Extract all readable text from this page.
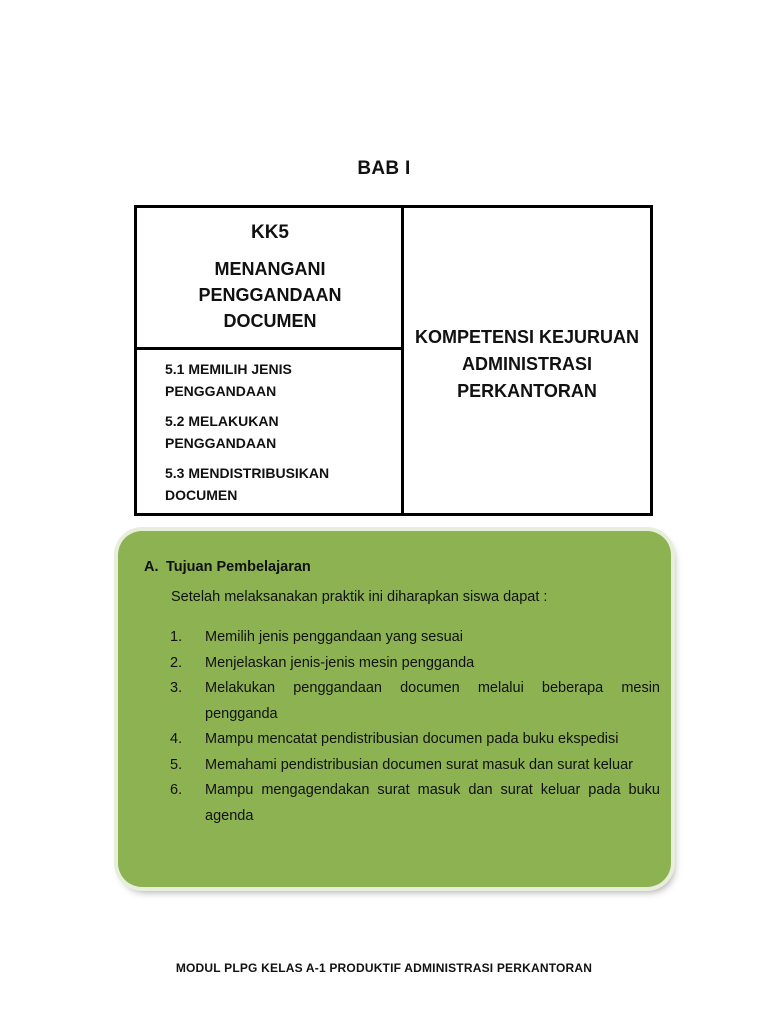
BAB I
KK5
MENANGANI
PENGGANDAAN
DOCUMEN
5.1 MEMILIH JENIS
PENGGANDAAN
5.2 MELAKUKAN
PENGGANDAAN
5.3 MENDISTRIBUSIKAN
DOCUMEN
KOMPETENSI KEJURUAN
ADMINISTRASI
PERKANTORAN
A. Tujuan Pembelajaran
Setelah melaksanakan praktik ini diharapkan siswa dapat :
1. Memilih jenis penggandaan yang sesuai
2. Menjelaskan jenis-jenis mesin pengganda
3. Melakukan penggandaan documen melalui beberapa mesin pengganda
4. Mampu mencatat pendistribusian documen pada buku ekspedisi
5. Memahami pendistribusian documen surat masuk dan surat keluar
6. Mampu mengagendakan surat masuk dan surat keluar pada buku agenda
MODUL PLPG KELAS A-1 PRODUKTIF ADMINISTRASI PERKANTORAN
